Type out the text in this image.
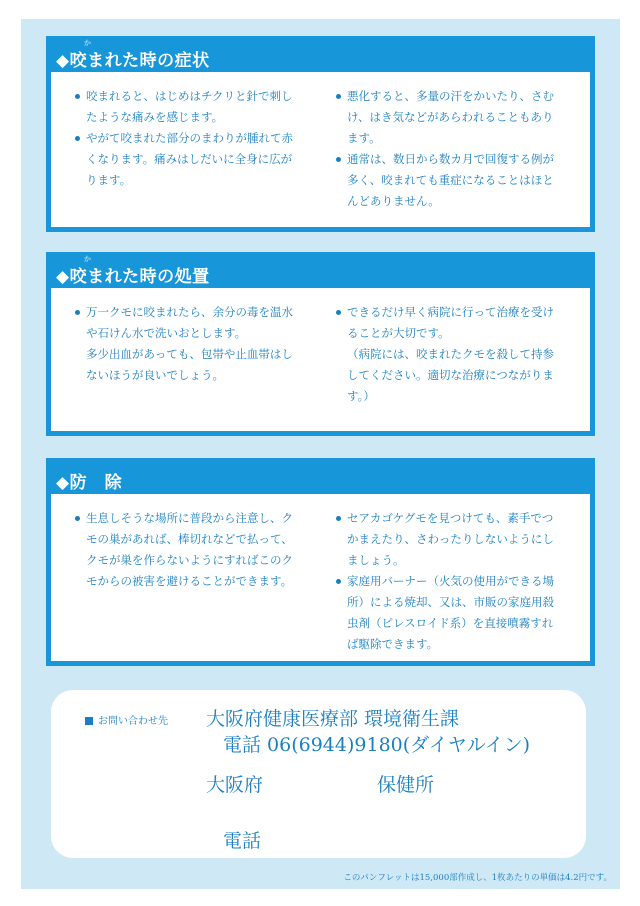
か
◆咬まれた時の症状

咬まれると、はじめはチクリと針で刺したような痛みを感じます。

やがて咬まれた部分のまわりが腫れて赤くなります。痛みはしだいに全身に広がります。

悪化すると、多量の汗をかいたり、さむけ、はき気などがあらわれることもあります。

通常は、数日から数カ月で回復する例が多く、咬まれても重症になることはほとんどありません。

か
◆咬まれた時の処置

万一クモに咬まれたら、余分の毒を温水や石けん水で洗いおとします。

多少出血があっても、包帯や止血帯はしないほうが良いでしょう。

できるだけ早く病院に行って治療を受けることが大切です。

（病院には、咬まれたクモを殺して持参してください。適切な治療につながります。）

◆防　除

生息しそうな場所に普段から注意し、クモの巣があれば、棒切れなどで払って、クモが巣を作らないようにすればこのクモからの被害を避けることができます。

セアカゴケグモを見つけても、素手でつかまえたり、さわったりしないようにしましょう。

家庭用バーナー（火気の使用ができる場所）による焼却、又は、市販の家庭用殺虫剤（ピレスロイド系）を直接噴霧すれば駆除できます。

お問い合わせ先 大阪府健康医療部 環境衛生課
電話 06(6944)9180(ダイヤルイン)
大阪府	保健所
電話
このパンフレットは15,000部作成し、1枚あたりの単価は4.2円です。
